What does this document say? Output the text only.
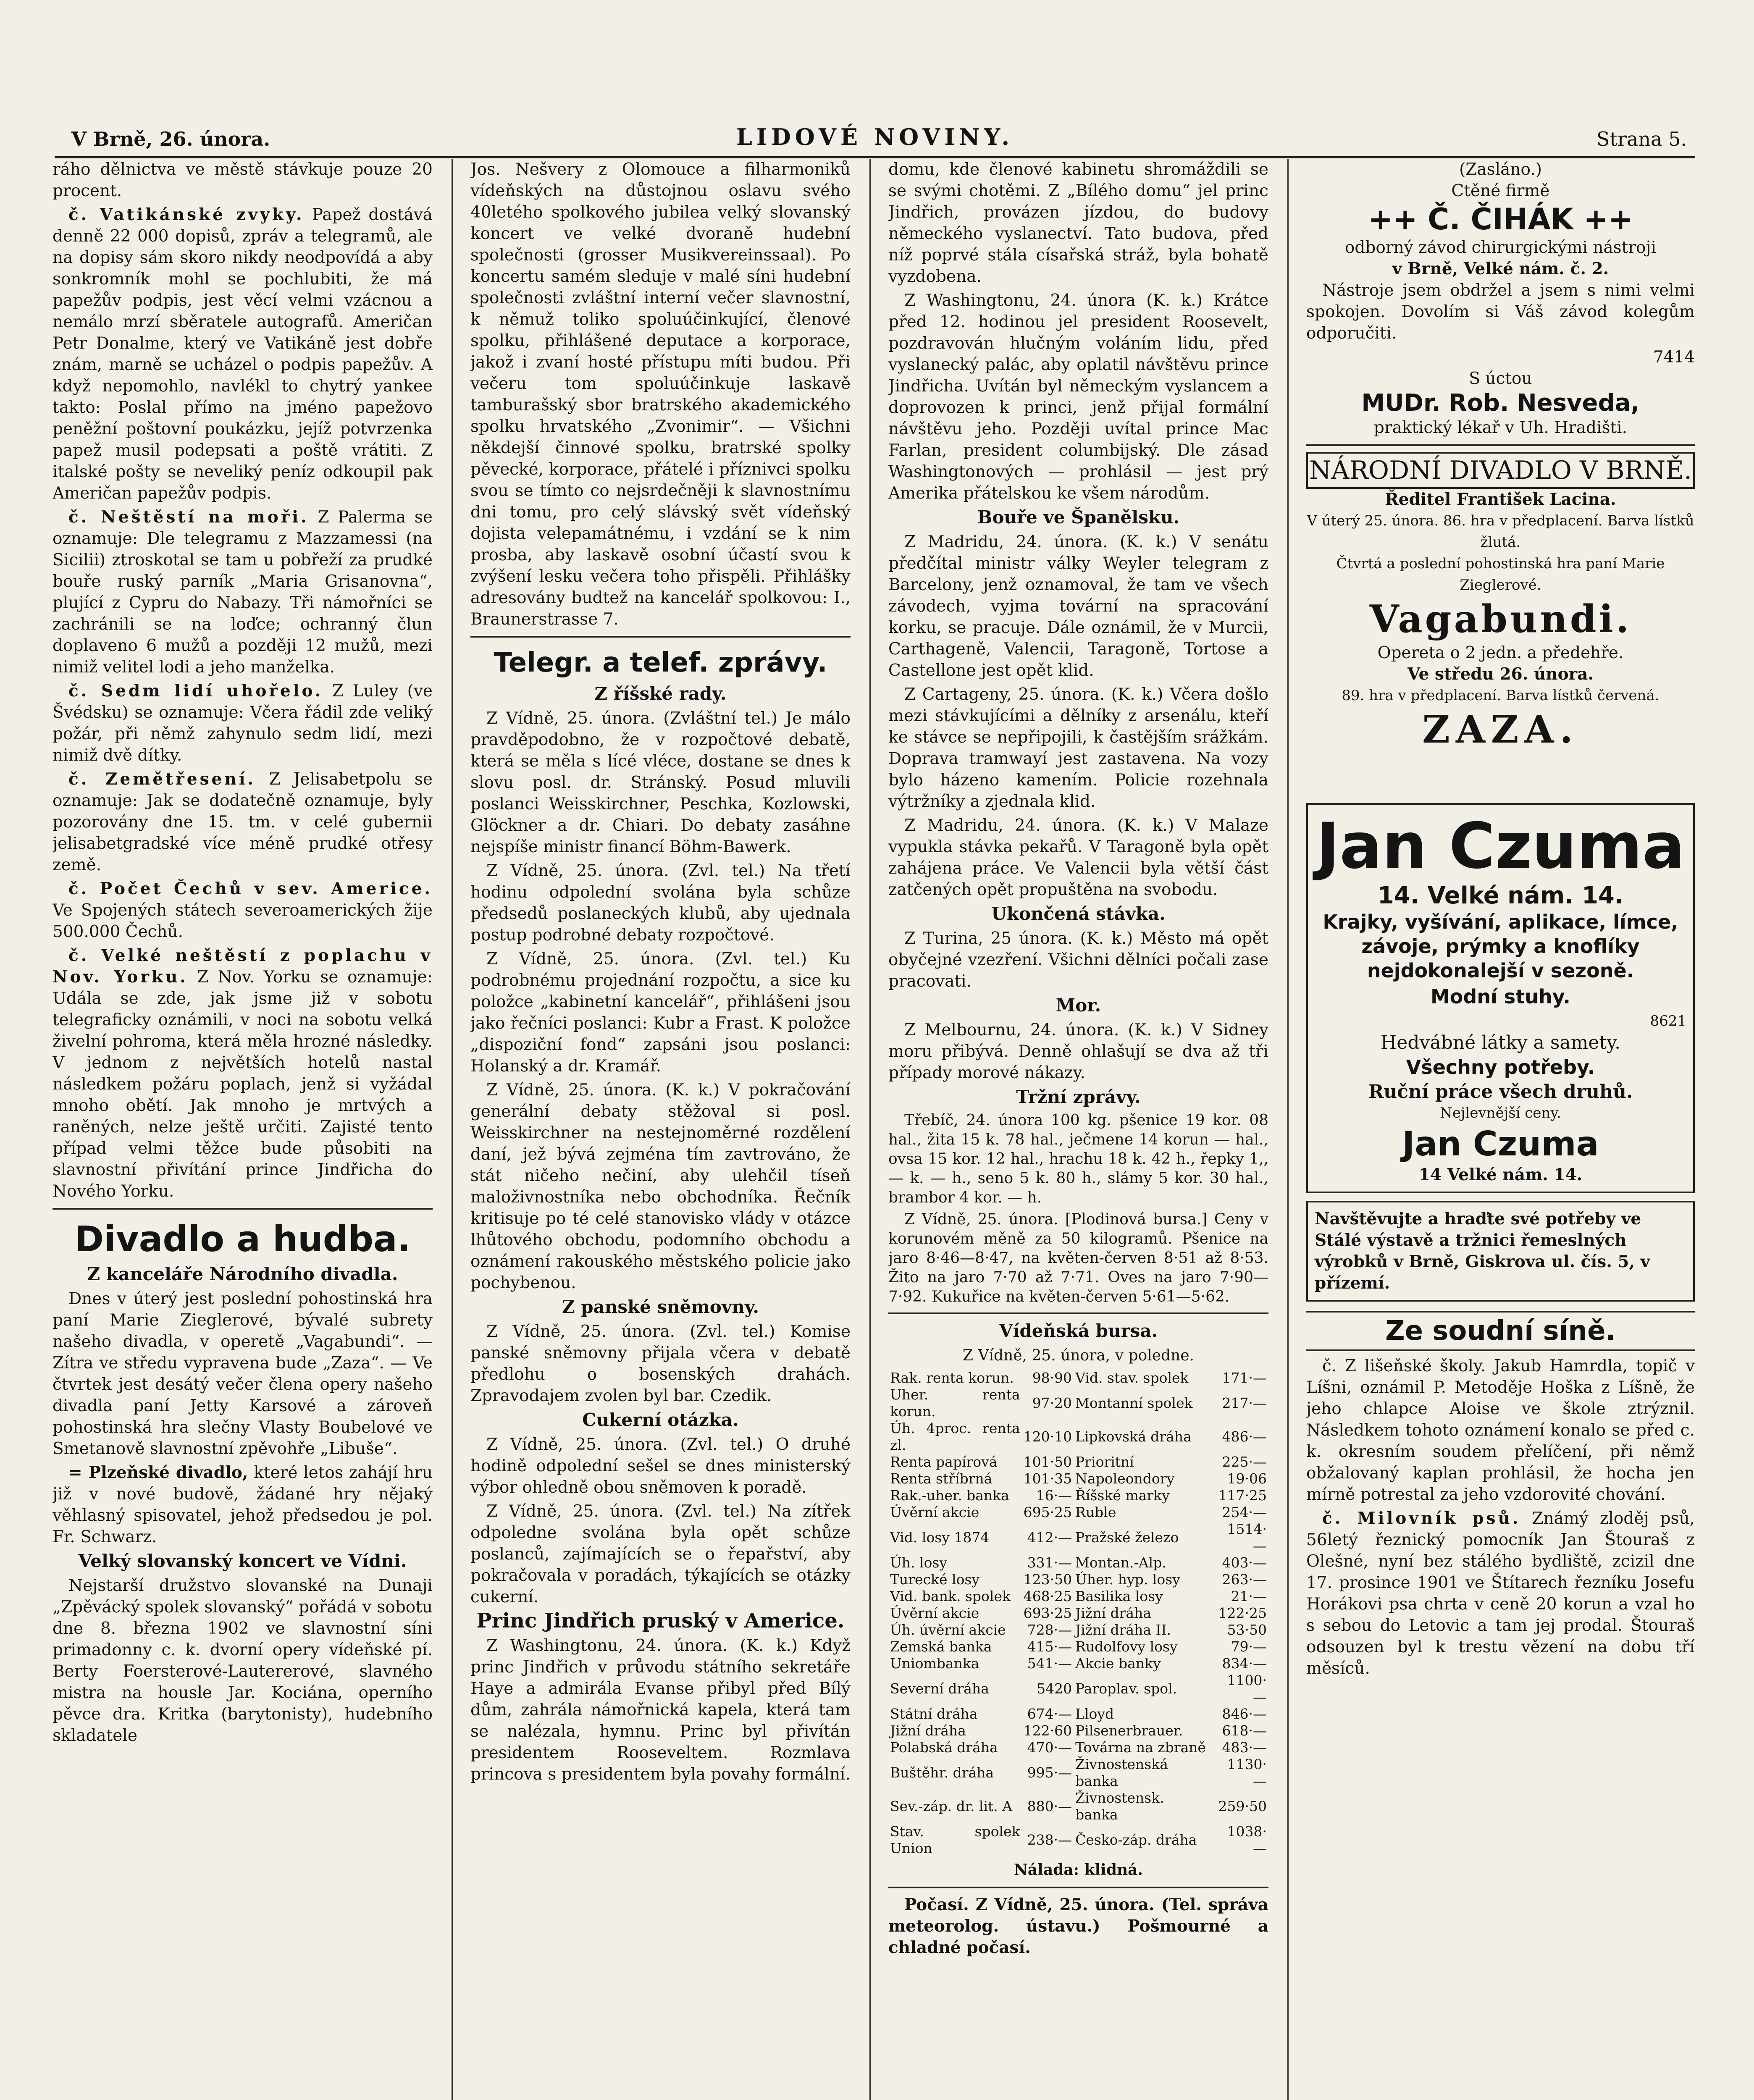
V Brně, 26. února.	LIDOVÉ NOVINY.	Strana 5.

ráho dělnictva ve městě stávkuje pouze 20 procent.

č. Vatikánské zvyky. Papež dostává denně 22 000 dopisů, zpráv a telegramů, ale na dopisy sám skoro nikdy neodpovídá a aby sonkromník mohl se pochlubiti, že má papežův podpis, jest věcí velmi vzácnou a nemálo mrzí sběratele autografů. Američan Petr Donalme, který ve Vatikáně jest dobře znám, marně se ucházel o podpis papežův. A když nepomohlo, navlékl to chytrý yankee takto: Poslal přímo na jméno papežovo peněžní poštovní poukázku, jejíž potvrzenka papež musil podepsati a poště vrátiti. Z italské pošty se neveliký peníz odkoupil pak Američan papežův podpis.

č. Neštěstí na moři. Z Palerma se oznamuje: Dle telegramu z Mazzamessi (na Sicilii) ztroskotal se tam u pobřeží za prudké bouře ruský parník „Maria Grisanovna“, plující z Cypru do Nabazy. Tři námořníci se zachránili se na loďce; ochranný člun doplaveno 6 mužů a později 12 mužů, mezi nimiž velitel lodi a jeho manželka.

č. Sedm lidí uhořelo. Z Luley (ve Švédsku) se oznamuje: Včera řádil zde veliký požár, při němž zahynulo sedm lidí, mezi nimiž dvě dítky.

č. Zemětřesení. Z Jelisabetpolu se oznamuje: Jak se dodatečně oznamuje, byly pozorovány dne 15. tm. v celé gubernii jelisabetgradské více méně prudké otřesy země.

č. Počet Čechů v sev. Americe. Ve Spojených státech severoamerických žije 500.000 Čechů.

č. Velké neštěstí z poplachu v Nov. Yorku. Z Nov. Yorku se oznamuje: Udála se zde, jak jsme již v sobotu telegraficky oznámili, v noci na sobotu velká živelní pohroma, která měla hrozné následky. V jednom z největších hotelů nastal následkem požáru poplach, jenž si vyžádal mnoho obětí. Jak mnoho je mrtvých a raněných, nelze ještě určiti. Zajisté tento případ velmi těžce bude působiti na slavnostní přivítání prince Jindřicha do Nového Yorku.

Divadlo a hudba.
Z kanceláře Národního divadla.

Dnes v úterý jest poslední pohostinská hra paní Marie Zieglerové, bývalé subrety našeho divadla, v operetě „Vagabundi“. — Zítra ve středu vypravena bude „Zaza“. — Ve čtvrtek jest desátý večer člena opery našeho divadla paní Jetty Karsové a zároveň pohostinská hra slečny Vlasty Boubelové ve Smetanově slavnostní zpěvohře „Libuše“.

= Plzeňské divadlo, které letos zahájí hru již v nové budově, žádané hry nějaký věhlasný spisovatel, jehož předsedou je pol. Fr. Schwarz.

Velký slovanský koncert ve Vídni.

Nejstarší družstvo slovanské na Dunaji „Zpěvácký spolek slovanský“ pořádá v sobotu dne 8. března 1902 ve slavnostní síni primadonny c. k. dvorní opery vídeňské pí. Berty Foersterové-Lautererové, slavného mistra na housle Jar. Kociána, operního pěvce dra. Kritka (barytonisty), hudebního skladatele

Jos. Nešvery z Olomouce a filharmoniků vídeňských na důstojnou oslavu svého 40letého spolkového jubilea velký slovanský koncert ve velké dvoraně hudební společnosti (grosser Musikvereinssaal). Po koncertu samém sleduje v malé síni hudební společnosti zvláštní interní večer slavnostní, k němuž toliko spoluúčinkující, členové spolku, přihlášené deputace a korporace, jakož i zvaní hosté přístupu míti budou. Při večeru tom spoluúčinkuje laskavě tamburašský sbor bratrského akademického spolku hrvatského „Zvonimir“. — Všichni někdejší činnové spolku, bratrské spolky pěvecké, korporace, přátelé i příznivci spolku svou se tímto co nejsrdečněji k slavnostnímu dni tomu, pro celý slávský svět vídeňský dojista velepamátnému, i vzdání se k nim prosba, aby laskavě osobní účastí svou k zvýšení lesku večera toho přispěli. Přihlášky adresovány budtež na kancelář spolkovou: I., Braunerstrasse 7.

Telegr. a telef. zprávy.
Z říšské rady.

Z Vídně, 25. února. (Zvláštní tel.) Je málo pravděpodobno, že v rozpočtové debatě, která se měla s lícé vléce, dostane se dnes k slovu posl. dr. Stránský. Posud mluvili poslanci Weisskirchner, Peschka, Kozlowski, Glöckner a dr. Chiari. Do debaty zasáhne nejspíše ministr financí Böhm-Bawerk.

Z Vídně, 25. února. (Zvl. tel.) Na třetí hodinu odpolední svolána byla schůze předsedů poslaneckých klubů, aby ujednala postup podrobné debaty rozpočtové.

Z Vídně, 25. února. (Zvl. tel.) Ku podrobnému projednání rozpočtu, a sice ku položce „kabinetní kancelář“, přihlášeni jsou jako řečníci poslanci: Kubr a Frast. K položce „dispoziční fond“ zapsáni jsou poslanci: Holanský a dr. Kramář.

Z Vídně, 25. února. (K. k.) V pokračování generální debaty stěžoval si posl. Weisskirchner na nestejnoměrné rozdělení daní, jež bývá zejména tím zavtrováno, že stát ničeho nečiní, aby ulehčil tíseň maloživnostníka nebo obchodníka. Řečník kritisuje po té celé stanovisko vlády v otázce lhůtového obchodu, podomního obchodu a oznámení rakouského městského policie jako pochybenou.

Z panské sněmovny.

Z Vídně, 25. února. (Zvl. tel.) Komise panské sněmovny přijala včera v debatě předlohu o bosenských drahách. Zpravodajem zvolen byl bar. Czedik.

Cukerní otázka.

Z Vídně, 25. února. (Zvl. tel.) O druhé hodině odpolední sešel se dnes ministerský výbor ohledně obou sněmoven k poradě.

Z Vídně, 25. února. (Zvl. tel.) Na zítřek odpoledne svolána byla opět schůze poslanců, zajímajících se o řepařství, aby pokračovala v poradách, týkajících se otázky cukerní.

Princ Jindřich pruský v Americe.

Z Washingtonu, 24. února. (K. k.) Když princ Jindřich v průvodu státního sekretáře Haye a admirála Evanse přibyl před Bílý dům, zahrála námořnická kapela, která tam se nalézala, hymnu. Princ byl přivítán presidentem Rooseveltem. Rozmlava princova s presidentem byla povahy formální.

domu, kde členové kabinetu shromáždili se se svými chotěmi. Z „Bílého domu“ jel princ Jindřich, provázen jízdou, do budovy německého vyslanectví. Tato budova, před níž poprvé stála císařská stráž, byla bohatě vyzdobena.

Z Washingtonu, 24. února (K. k.) Krátce před 12. hodinou jel president Roosevelt, pozdravován hlučným voláním lidu, před vyslanecký palác, aby oplatil návštěvu prince Jindřicha. Uvítán byl německým vyslancem a doprovozen k princi, jenž přijal formální návštěvu jeho. Později uvítal prince Mac Farlan, president columbijský. Dle zásad Washingtonových — prohlásil — jest prý Amerika přátelskou ke všem národům.

Bouře ve Španělsku.

Z Madridu, 24. února. (K. k.) V senátu předčítal ministr války Weyler telegram z Barcelony, jenž oznamoval, že tam ve všech závodech, vyjma tovární na spracování korku, se pracuje. Dále oznámil, že v Murcii, Carthageně, Valencii, Taragoně, Tortose a Castellone jest opět klid.

Z Cartageny, 25. února. (K. k.) Včera došlo mezi stávkujícími a dělníky z arsenálu, kteří ke stávce se nepřipojili, k častějším srážkám. Doprava tramwayí jest zastavena. Na vozy bylo házeno kamením. Policie rozehnala výtržníky a zjednala klid.

Z Madridu, 24. února. (K. k.) V Malaze vypukla stávka pekařů. V Taragoně byla opět zahájena práce. Ve Valencii byla větší část zatčených opět propuštěna na svobodu.

Ukončená stávka.

Z Turina, 25 února. (K. k.) Město má opět obyčejné vzezření. Všichni dělníci počali zase pracovati.

Mor.

Z Melbournu, 24. února. (K. k.) V Sidney moru přibývá. Denně ohlašují se dva až tři případy morové nákazy.

Tržní zprávy.

Třebíč, 24. února 100 kg. pšenice 19 kor. 08 hal., žita 15 k. 78 hal., ječmene 14 korun — hal., ovsa 15 kor. 12 hal., hrachu 18 k. 42 h., řepky 1,,— k. — h., seno 5 k. 80 h., slámy 5 kor. 30 hal., brambor 4 kor. — h.

Z Vídně, 25. února. [Plodinová bursa.] Ceny v korunovém měně za 50 kilogramů. Pšenice na jaro 8·46—8·47, na květen-červen 8·51 až 8·53. Žito na jaro 7·70 až 7·71. Oves na jaro 7·90—7·92. Kukuřice na květen-červen 5·61—5·62.

Vídeňská bursa.
Z Vídně, 25. února, v poledne.
Rak. renta korun.	98·90	Vid. stav. spolek	171·—
Uher. renta korun.	97·20	Montanní spolek	217·—
Úh. 4proc. renta zl.	120·10	Lipkovská dráha	486·—
Renta papírová	101·50	Prioritní	225·—
Renta stříbrná	101·35	Napoleondory	19·06
Rak.-uher. banka	16·—	Říšské marky	117·25
Úvěrní akcie	695·25	Ruble	254·—
Vid. losy 1874	412·—	Pražské železo	1514·—
Úh. losy	331·—	Montan.-Alp.	403·—
Turecké losy	123·50	Úher. hyp. losy	263·—
Vid. bank. spolek	468·25	Basilika losy	21·—
Úvěrní akcie	693·25	Jižní dráha	122·25
Úh. úvěrní akcie	728·—	Jižní dráha II.	53·50
Zemská banka	415·—	Rudolfovy losy	79·—
Uniombanka	541·—	Akcie banky	834·—
Severní dráha	5420	Paroplav. spol.	1100·—
Státní dráha	674·—	Lloyd	846·—
Jižní dráha	122·60	Pilsenerbrauer.	618·—
Polabská dráha	470·—	Továrna na zbraně	483·—
Buštěhr. dráha	995·—	Živnostenská banka	1130·—
Sev.-záp. dr. lit. A	880·—	Živnostensk. banka	259·50
Stav. spolek Union	238·—	Česko-záp. dráha	1038·—
Nálada: klidná.

Počasí. Z Vídně, 25. února. (Tel. správa meteorolog. ústavu.) Pošmourné a chladné počasí.

(Zasláno.)
Ctěné firmě
++ Č. ČIHÁK ++
odborný závod chirurgickými nástroji
v Brně, Velké nám. č. 2.

Nástroje jsem obdržel a jsem s nimi velmi spokojen. Dovolím si Váš závod kolegům odporučiti.

7414
S úctou
MUDr. Rob. Nesveda,
praktický lékař v Uh. Hradišti.
NÁRODNÍ DIVADLO V BRNĚ.
Ředitel František Lacina.
V úterý 25. února. 86. hra v předplacení. Barva lístků žlutá.
Čtvrtá a poslední pohostinská hra paní Marie Zieglerové.
Vagabundi.
Opereta o 2 jedn. a předehře.
Ve středu 26. února.
89. hra v předplacení. Barva lístků červená.
ZAZA.
Jan Czuma
14. Velké nám. 14.
Krajky, vyšívání, aplikace, límce, závoje, prýmky a knoflíky nejdokonalejší v sezoně.
Modní stuhy.
8621
Hedvábné látky a samety.
Všechny potřeby.
Ruční práce všech druhů.
Nejlevnější ceny.
Jan Czuma
14 Velké nám. 14.
Navštěvujte a hraďte své potřeby ve Stálé výstavě a tržnici řemeslných výrobků v Brně, Giskrova ul. čís. 5, v přízemí.
Ze soudní síně.

č. Z lišeňské školy. Jakub Hamrdla, topič v Líšni, oznámil P. Metoděje Hoška z Líšně, že jeho chlapce Aloise ve škole ztrýznil. Následkem tohoto oznámení konalo se před c. k. okresním soudem přelíčení, při němž obžalovaný kaplan prohlásil, že hocha jen mírně potrestal za jeho vzdorovité chování.

č. Milovník psů. Známý zloděj psů, 56letý řeznický pomocník Jan Štouraš z Olešné, nyní bez stálého bydliště, zcizil dne 17. prosince 1901 ve Štítarech řezníku Josefu Horákovi psa chrta v ceně 20 korun a vzal ho s sebou do Letovic a tam jej prodal. Štouraš odsouzen byl k trestu vězení na dobu tří měsíců.
